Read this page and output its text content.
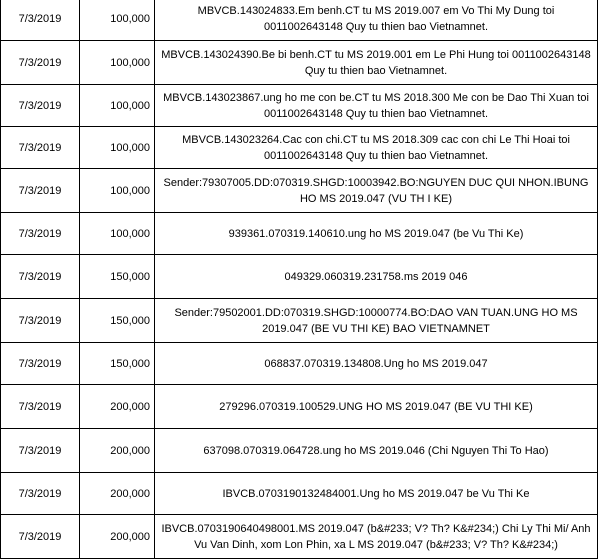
7/3/2019	100,000	MBVCB.143024833.Em benh.CT tu MS 2019.007 em Vo Thi My Dung toi 0011002643148 Quy tu thien bao Vietnamnet.
7/3/2019	100,000	MBVCB.143024390.Be bi benh.CT tu MS 2019.001 em Le Phi Hung toi 0011002643148 Quy tu thien bao Vietnamnet.
7/3/2019	100,000	MBVCB.143023867.ung ho me con be.CT tu MS 2018.300 Me con be Dao Thi Xuan toi 0011002643148 Quy tu thien bao Vietnamnet.
7/3/2019	100,000	MBVCB.143023264.Cac con chi.CT tu MS 2018.309 cac con chi Le Thi Hoai toi 0011002643148 Quy tu thien bao Vietnamnet.
7/3/2019	100,000	Sender:79307005.DD:070319.SHGD:10003942.BO:NGUYEN DUC QUI NHON.IBUNG HO MS 2019.047 (VU TH I KE)
7/3/2019	100,000	939361.070319.140610.ung ho MS 2019.047 (be Vu Thi Ke)
7/3/2019	150,000	049329.060319.231758.ms 2019 046
7/3/2019	150,000	Sender:79502001.DD:070319.SHGD:10000774.BO:DAO VAN TUAN.UNG HO MS 2019.047 (BE VU THI KE) BAO VIETNAMNET
7/3/2019	150,000	068837.070319.134808.Ung ho MS 2019.047
7/3/2019	200,000	279296.070319.100529.UNG HO MS 2019.047 (BE VU THI KE)
7/3/2019	200,000	637098.070319.064728.ung ho MS 2019.046 (Chi Nguyen Thi To Hao)
7/3/2019	200,000	IBVCB.0703190132484001.Ung ho MS 2019.047 be Vu Thi Ke
7/3/2019	200,000	IBVCB.0703190640498001.MS 2019.047 (b&#233; V? Th? K&#234;) Chi Ly Thi Mi/ Anh Vu Van Dinh, xom Lon Phin, xa L MS 2019.047 (b&#233; V? Th? K&#234;)
